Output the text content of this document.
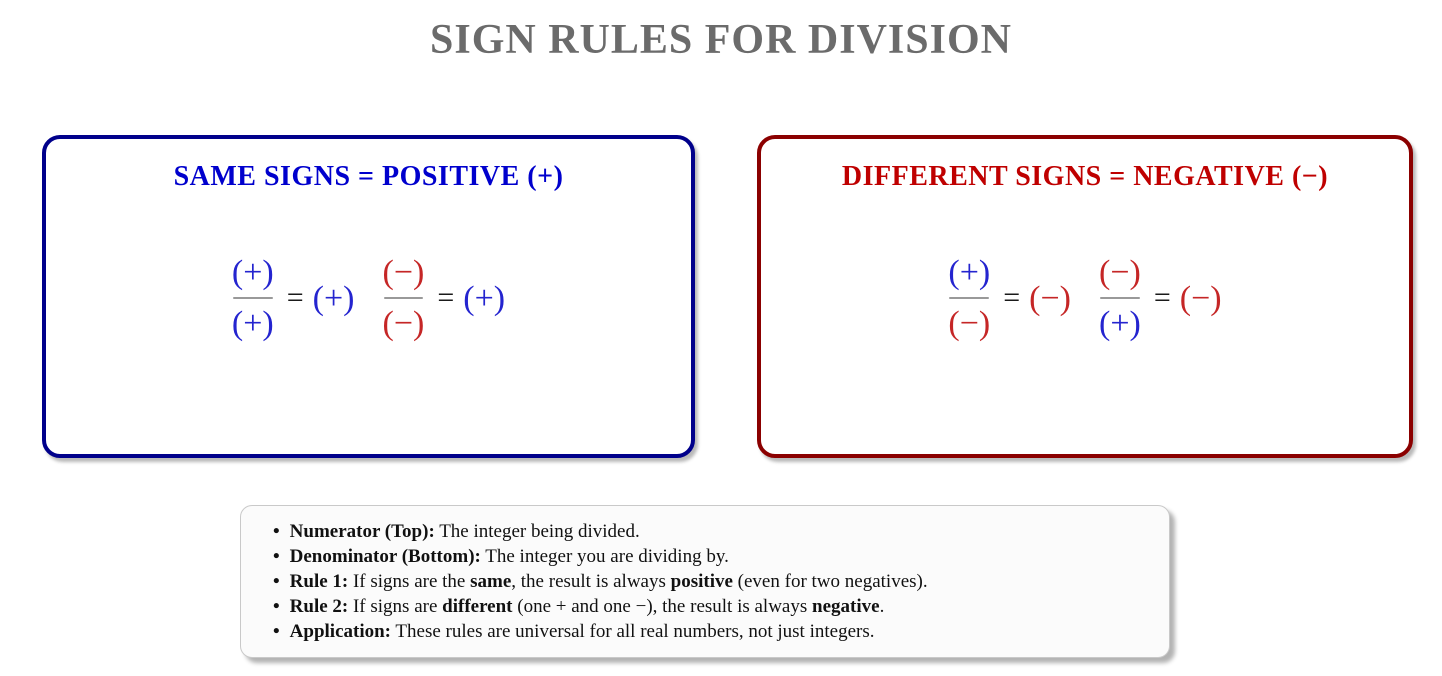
SIGN RULES FOR DIVISION
SAME SIGNS = POSITIVE (+)
$\frac{(+)}{(+)}$ = (+) $\frac{(-)}{(-)}$ = (+)
DIFFERENT SIGNS = NEGATIVE (−)
$\frac{(+)}{(-)}$ = (−) $\frac{(-)}{(+)}$ = (−)
• Numerator (Top): The integer being divided.
• Denominator (Bottom): The integer you are dividing by.
• Rule 1: If signs are the same, the result is always positive (even for two negatives).
• Rule 2: If signs are different (one + and one −), the result is always negative.
• Application: These rules are universal for all real numbers, not just integers.
